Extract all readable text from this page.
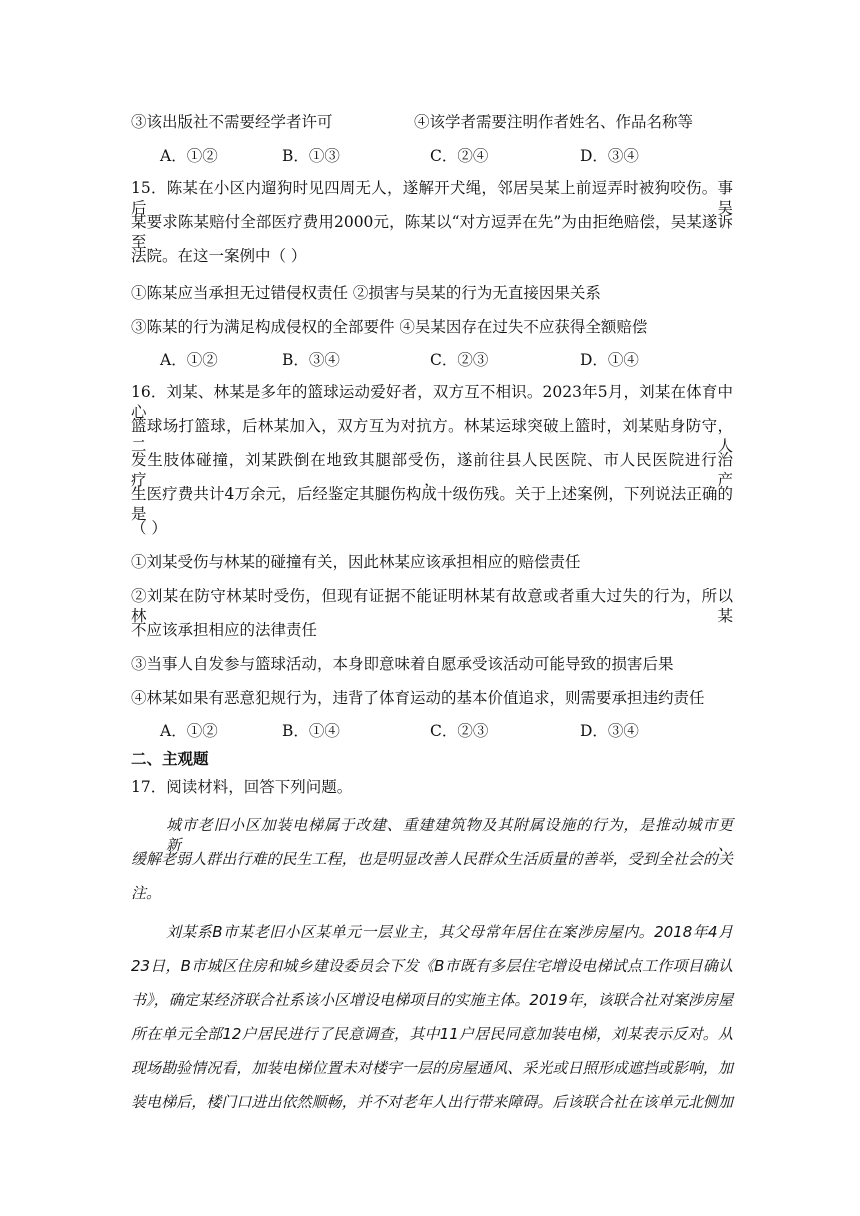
③该出版社不需要经学者许可	④该学者需要注明作者姓名、作品名称等
A．①②	B．①③	C．②④	D．③④
15．陈某在小区内遛狗时见四周无人，遂解开犬绳，邻居吴某上前逗弄时被狗咬伤。事后吴
某要求陈某赔付全部医疗费用2000元，陈某以“对方逗弄在先”为由拒绝赔偿，吴某遂诉至
法院。在这一案例中（ ）
①陈某应当承担无过错侵权责任 ②损害与吴某的行为无直接因果关系
③陈某的行为满足构成侵权的全部要件 ④吴某因存在过失不应获得全额赔偿
A．①②	B．③④	C．②③	D．①④
16．刘某、林某是多年的篮球运动爱好者，双方互不相识。2023年5月，刘某在体育中心
篮球场打篮球，后林某加入，双方互为对抗方。林某运球突破上篮时，刘某贴身防守，二人
发生肢体碰撞，刘某跌倒在地致其腿部受伤，遂前往县人民医院、市人民医院进行治疗，产
生医疗费共计4万余元，后经鉴定其腿伤构成十级伤残。关于上述案例，下列说法正确的是
（ ）
①刘某受伤与林某的碰撞有关，因此林某应该承担相应的赔偿责任
②刘某在防守林某时受伤，但现有证据不能证明林某有故意或者重大过失的行为，所以林某
不应该承担相应的法律责任
③当事人自发参与篮球活动，本身即意味着自愿承受该活动可能导致的损害后果
④林某如果有恶意犯规行为，违背了体育运动的基本价值追求，则需要承担违约责任
A．①②	B．①④	C．②③	D．③④
二、主观题
17．阅读材料，回答下列问题。
城市老旧小区加装电梯属于改建、重建建筑物及其附属设施的行为，是推动城市更新、
缓解老弱人群出行难的民生工程，也是明显改善人民群众生活质量的善举，受到全社会的关
注。
刘某系B市某老旧小区某单元一层业主，其父母常年居住在案涉房屋内。2018年4月
23日，B市城区住房和城乡建设委员会下发《B市既有多层住宅增设电梯试点工作项目确认
书》，确定某经济联合社系该小区增设电梯项目的实施主体。2019年，该联合社对案涉房屋
所在单元全部12户居民进行了民意调查，其中11户居民同意加装电梯，刘某表示反对。从
现场勘验情况看，加装电梯位置未对楼宇一层的房屋通风、采光或日照形成遮挡或影响，加
装电梯后，楼门口进出依然顺畅，并不对老年人出行带来障碍。后该联合社在该单元北侧加
